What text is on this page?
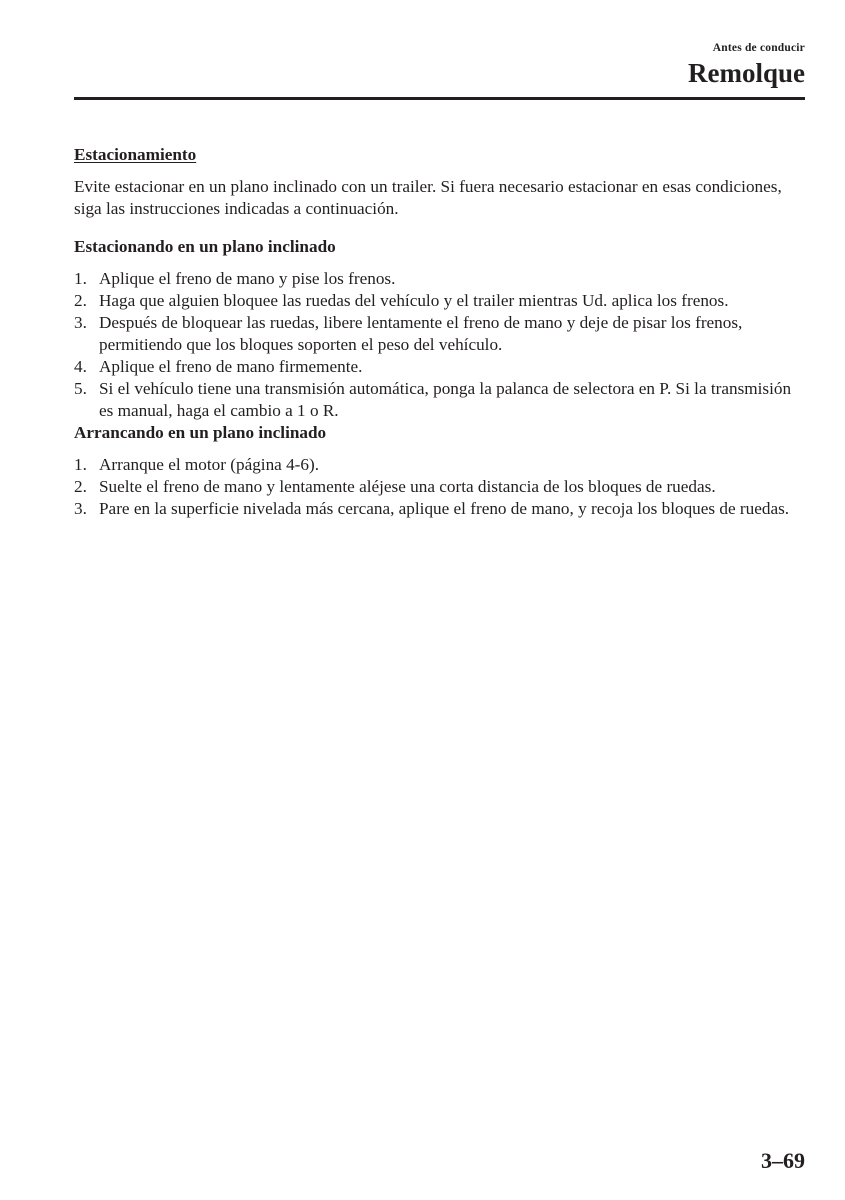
Antes de conducir
Remolque
Estacionamiento

Evite estacionar en un plano inclinado con un trailer. Si fuera necesario estacionar en esas condiciones, siga las instrucciones indicadas a continuación.

Estacionando en un plano inclinado
1. Aplique el freno de mano y pise los frenos.
2. Haga que alguien bloquee las ruedas del vehículo y el trailer mientras Ud. aplica los frenos.
3. Después de bloquear las ruedas, libere lentamente el freno de mano y deje de pisar los frenos, permitiendo que los bloques soporten el peso del vehículo.
4. Aplique el freno de mano firmemente.
5. Si el vehículo tiene una transmisión automática, ponga la palanca de selectora en P. Si la transmisión es manual, haga el cambio a 1 o R.
Arrancando en un plano inclinado
1. Arranque el motor (página 4-6).
2. Suelte el freno de mano y lentamente aléjese una corta distancia de los bloques de ruedas.
3. Pare en la superficie nivelada más cercana, aplique el freno de mano, y recoja los bloques de ruedas.
3–69
